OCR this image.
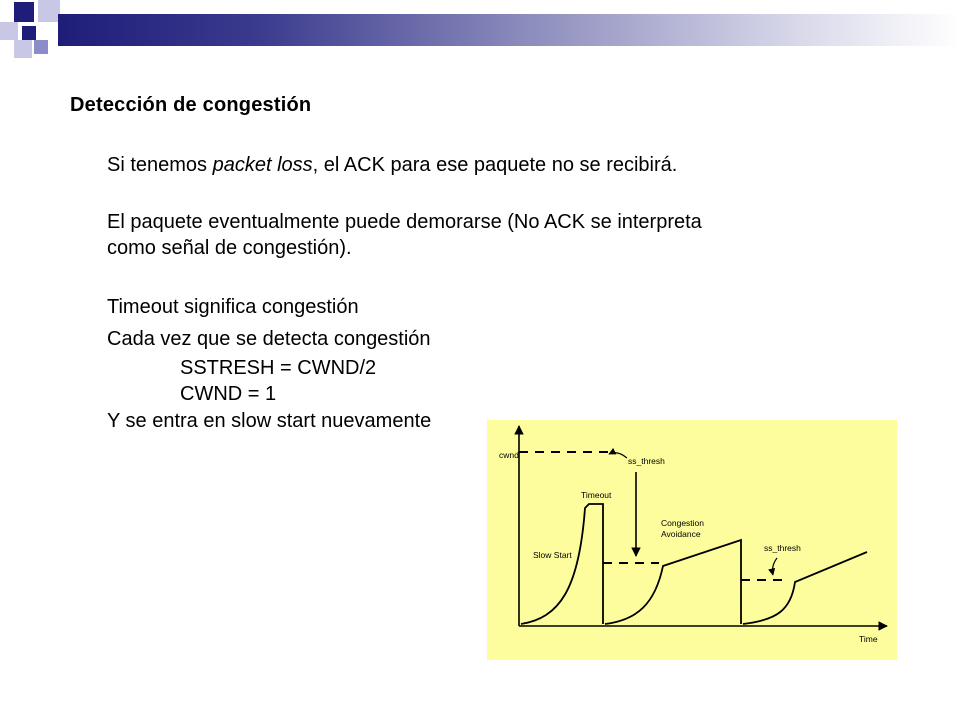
Detección de congestión
Si tenemos packet loss, el ACK para ese paquete no se recibirá.
El paquete eventualmente puede demorarse (No ACK se interpreta
como señal de congestión).
Timeout significa congestión
Cada vez que se detecta congestión
SSTRESH = CWND/2
CWND = 1
Y se entra en slow start nuevamente
cwnd
Time
ss_thresh
Timeout
Slow Start
Congestion
Avoidance
ss_thresh
